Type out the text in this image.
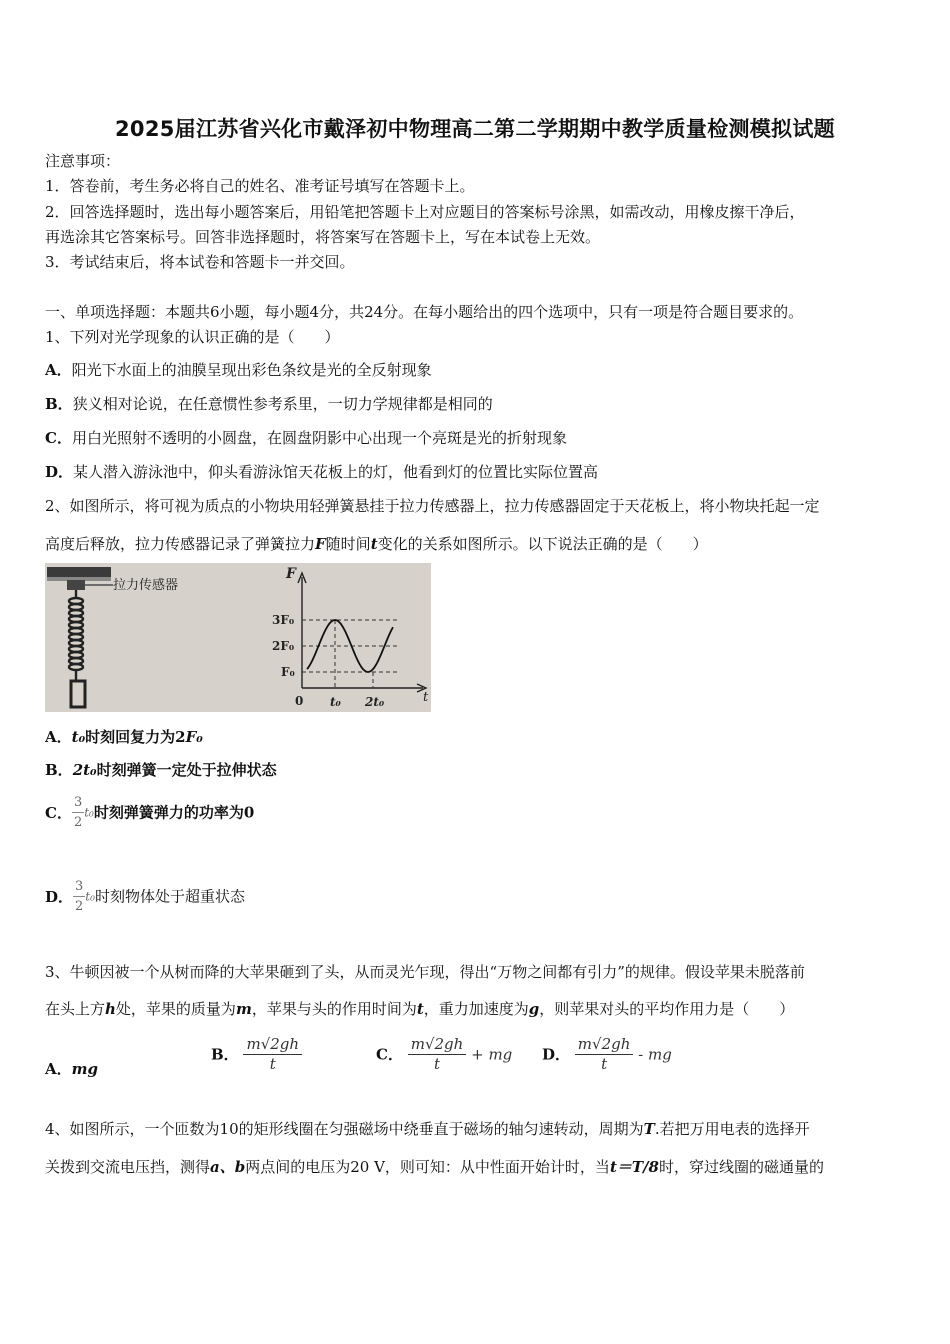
2025届江苏省兴化市戴泽初中物理高二第二学期期中教学质量检测模拟试题
注意事项：
1．答卷前，考生务必将自己的姓名、准考证号填写在答题卡上。
2．回答选择题时，选出每小题答案后，用铅笔把答题卡上对应题目的答案标号涂黑，如需改动，用橡皮擦干净后，
再选涂其它答案标号。回答非选择题时，将答案写在答题卡上，写在本试卷上无效。
3．考试结束后，将本试卷和答题卡一并交回。
一、单项选择题：本题共6小题，每小题4分，共24分。在每小题给出的四个选项中，只有一项是符合题目要求的。
1、下列对光学现象的认识正确的是（　　）
A．阳光下水面上的油膜呈现出彩色条纹是光的全反射现象
B．狭义相对论说，在任意惯性参考系里，一切力学规律都是相同的
C．用白光照射不透明的小圆盘，在圆盘阴影中心出现一个亮斑是光的折射现象
D．某人潜入游泳池中，仰头看游泳馆天花板上的灯，他看到灯的位置比实际位置高
2、如图所示，将可视为质点的小物块用轻弹簧悬挂于拉力传感器上，拉力传感器固定于天花板上，将小物块托起一定
高度后释放，拉力传感器记录了弹簧拉力F随时间t变化的关系如图所示。以下说法正确的是（　　）
拉力传感器
F
t
3F₀
2F₀
F₀
0 t₀ 2t₀
A．t₀时刻回复力为2F₀
B．2t₀时刻弹簧一定处于拉伸状态
C． $\frac{3}{2} t_0$时刻弹簧弹力的功率为0
D． $\frac{3}{2} t_0$时刻物体处于超重状态
3、牛顿因被一个从树而降的大苹果砸到了头，从而灵光乍现，得出“万物之间都有引力”的规律。假设苹果未脱落前
在头上方h处，苹果的质量为m，苹果与头的作用时间为t，重力加速度为g，则苹果对头的平均作用力是（　　）
A．mg
B． $\frac{m√2gh}{t}$	C． $\frac{m√2gh}{t}$ + mg D． $\frac{m√2gh}{t}$ - mg
4、如图所示，一个匝数为10的矩形线圈在匀强磁场中绕垂直于磁场的轴匀速转动，周期为T.若把万用电表的选择开
关拨到交流电压挡，测得a、b两点间的电压为20 V，则可知：从中性面开始计时，当t＝T/8时，穿过线圈的磁通量的
